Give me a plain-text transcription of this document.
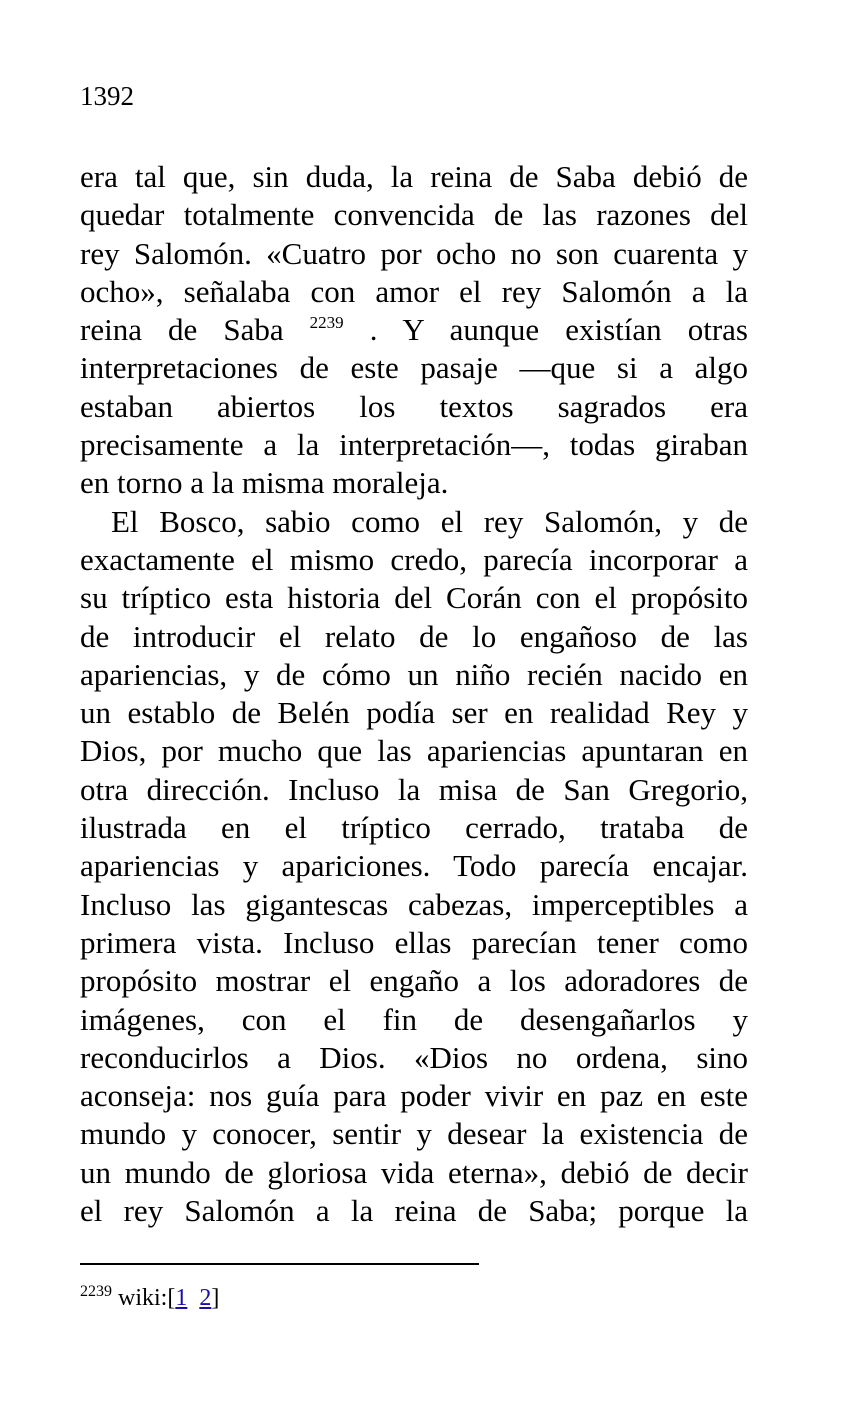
1392
era tal que, sin duda, la reina de Saba debió de
quedar totalmente convencida de las razones del
rey Salomón. «Cuatro por ocho no son cuarenta y
ocho», señalaba con amor el rey Salomón a la
reina de Saba $^{2239}$ . Y aunque existían otras
interpretaciones de este pasaje —que si a algo
estaban abiertos los textos sagrados era
precisamente a la interpretación—, todas giraban
en torno a la misma moraleja.
El Bosco, sabio como el rey Salomón, y de
exactamente el mismo credo, parecía incorporar a
su tríptico esta historia del Corán con el propósito
de introducir el relato de lo engañoso de las
apariencias, y de cómo un niño recién nacido en
un establo de Belén podía ser en realidad Rey y
Dios, por mucho que las apariencias apuntaran en
otra dirección. Incluso la misa de San Gregorio,
ilustrada en el tríptico cerrado, trataba de
apariencias y apariciones. Todo parecía encajar.
Incluso las gigantescas cabezas, imperceptibles a
primera vista. Incluso ellas parecían tener como
propósito mostrar el engaño a los adoradores de
imágenes, con el fin de desengañarlos y
reconducirlos a Dios. «Dios no ordena, sino
aconseja: nos guía para poder vivir en paz en este
mundo y conocer, sentir y desear la existencia de
un mundo de gloriosa vida eterna», debió de decir
el rey Salomón a la reina de Saba; porque la
$^{2239}$ wiki:[1 2]
